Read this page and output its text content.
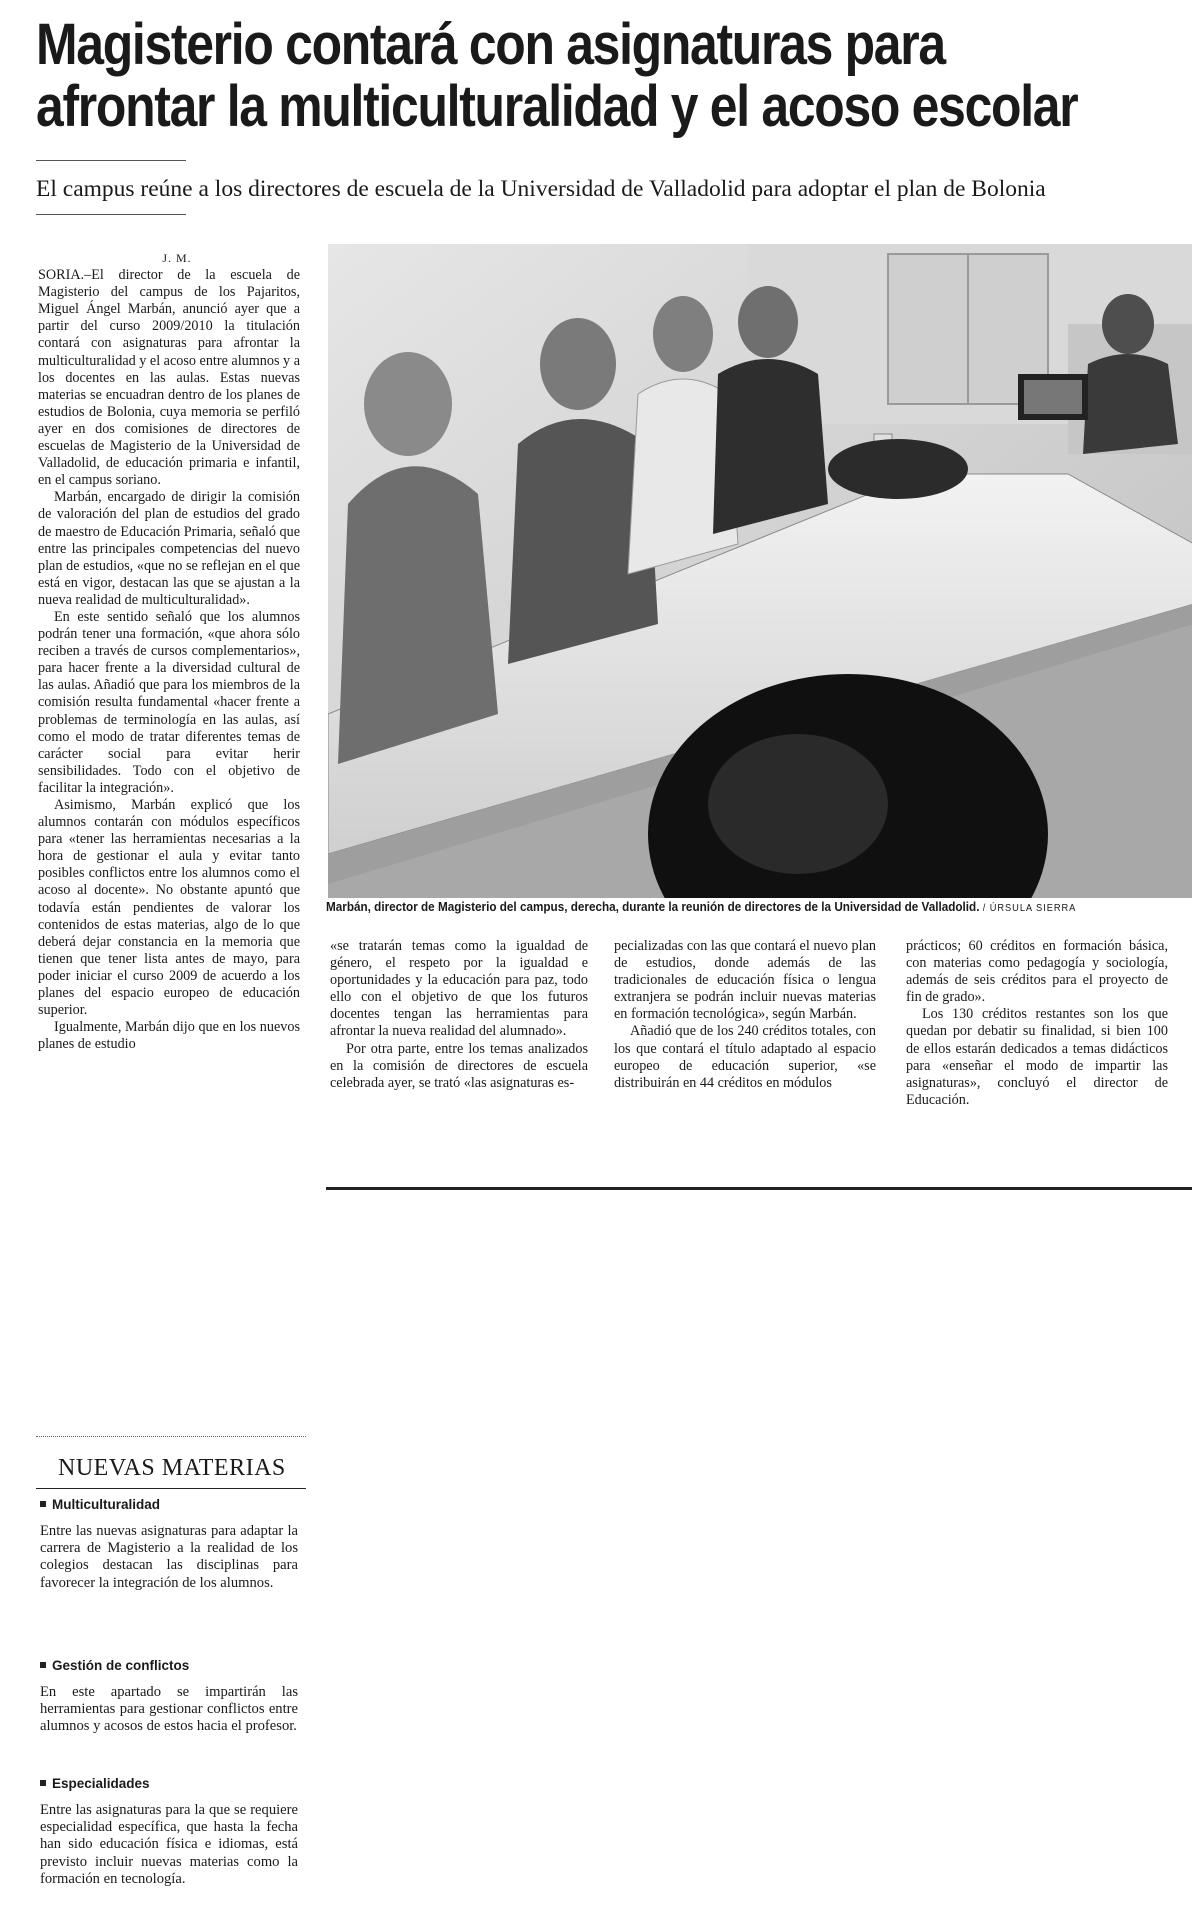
Magisterio contará con asignaturas para
afrontar la multiculturalidad y el acoso escolar
El campus reúne a los directores de escuela de la Universidad de Valladolid para adoptar el plan de Bolonia

J. M.

SORIA.–El director de la escuela de Magisterio del campus de los Pajaritos, Miguel Ángel Marbán, anunció ayer que a partir del curso 2009/2010 la titulación contará con asignaturas para afrontar la multiculturalidad y el acoso entre alumnos y a los docentes en las aulas. Estas nuevas materias se encuadran dentro de los planes de estudios de Bolonia, cuya memoria se perfiló ayer en dos comisiones de directores de escuelas de Magisterio de la Universidad de Valladolid, de educación primaria e infantil, en el campus soriano.

Marbán, encargado de dirigir la comisión de valoración del plan de estudios del grado de maestro de Educación Primaria, señaló que entre las principales competencias del nuevo plan de estudios, «que no se reflejan en el que está en vigor, destacan las que se ajustan a la nueva realidad de multiculturalidad».

En este sentido señaló que los alumnos podrán tener una formación, «que ahora sólo reciben a través de cursos complementarios», para hacer frente a la diversidad cultural de las aulas. Añadió que para los miembros de la comisión resulta fundamental «hacer frente a problemas de terminología en las aulas, así como el modo de tratar diferentes temas de carácter social para evitar herir sensibilidades. Todo con el objetivo de facilitar la integración».

Asimismo, Marbán explicó que los alumnos contarán con módulos específicos para «tener las herramientas necesarias a la hora de gestionar el aula y evitar tanto posibles conflictos entre los alumnos como el acoso al docente». No obstante apuntó que todavía están pendientes de valorar los contenidos de estas materias, algo de lo que deberá dejar constancia en la memoria que tienen que tener lista antes de mayo, para poder iniciar el curso 2009 de acuerdo a los planes del espacio europeo de educación superior.

Igualmente, Marbán dijo que en los nuevos planes de estudio

Marbán, director de Magisterio del campus, derecha, durante la reunión de directores de la Universidad de Valladolid. / ÚRSULA SIERRA

«se tratarán temas como la igualdad de género, el respeto por la igualdad e oportunidades y la educación para paz, todo ello con el objetivo de que los futuros docentes tengan las herramientas para afrontar la nueva realidad del alumnado».

Por otra parte, entre los temas analizados en la comisión de directores de escuela celebrada ayer, se trató «las asignaturas es-

pecializadas con las que contará el nuevo plan de estudios, donde además de las tradicionales de educación física o lengua extranjera se podrán incluir nuevas materias en formación tecnológica», según Marbán.

Añadió que de los 240 créditos totales, con los que contará el título adaptado al espacio europeo de educación superior, «se distribuirán en 44 créditos en módulos

prácticos; 60 créditos en formación básica, con materias como pedagogía y sociología, además de seis créditos para el proyecto de fin de grado».

Los 130 créditos restantes son los que quedan por debatir su finalidad, si bien 100 de ellos estarán dedicados a temas didácticos para «enseñar el modo de impartir las asignaturas», concluyó el director de Educación.

NUEVAS MATERIAS
Multiculturalidad
Entre las nuevas asignaturas para adaptar la carrera de Magisterio a la realidad de los colegios destacan las disciplinas para favorecer la integración de los alumnos.
Gestión de conflictos
En este apartado se impartirán las herramientas para gestionar conflictos entre alumnos y acosos de estos hacia el profesor.
Especialidades
Entre las asignaturas para la que se requiere especialidad específica, que hasta la fecha han sido educación física e idiomas, está previsto incluir nuevas materias como la formación en tecnología.
